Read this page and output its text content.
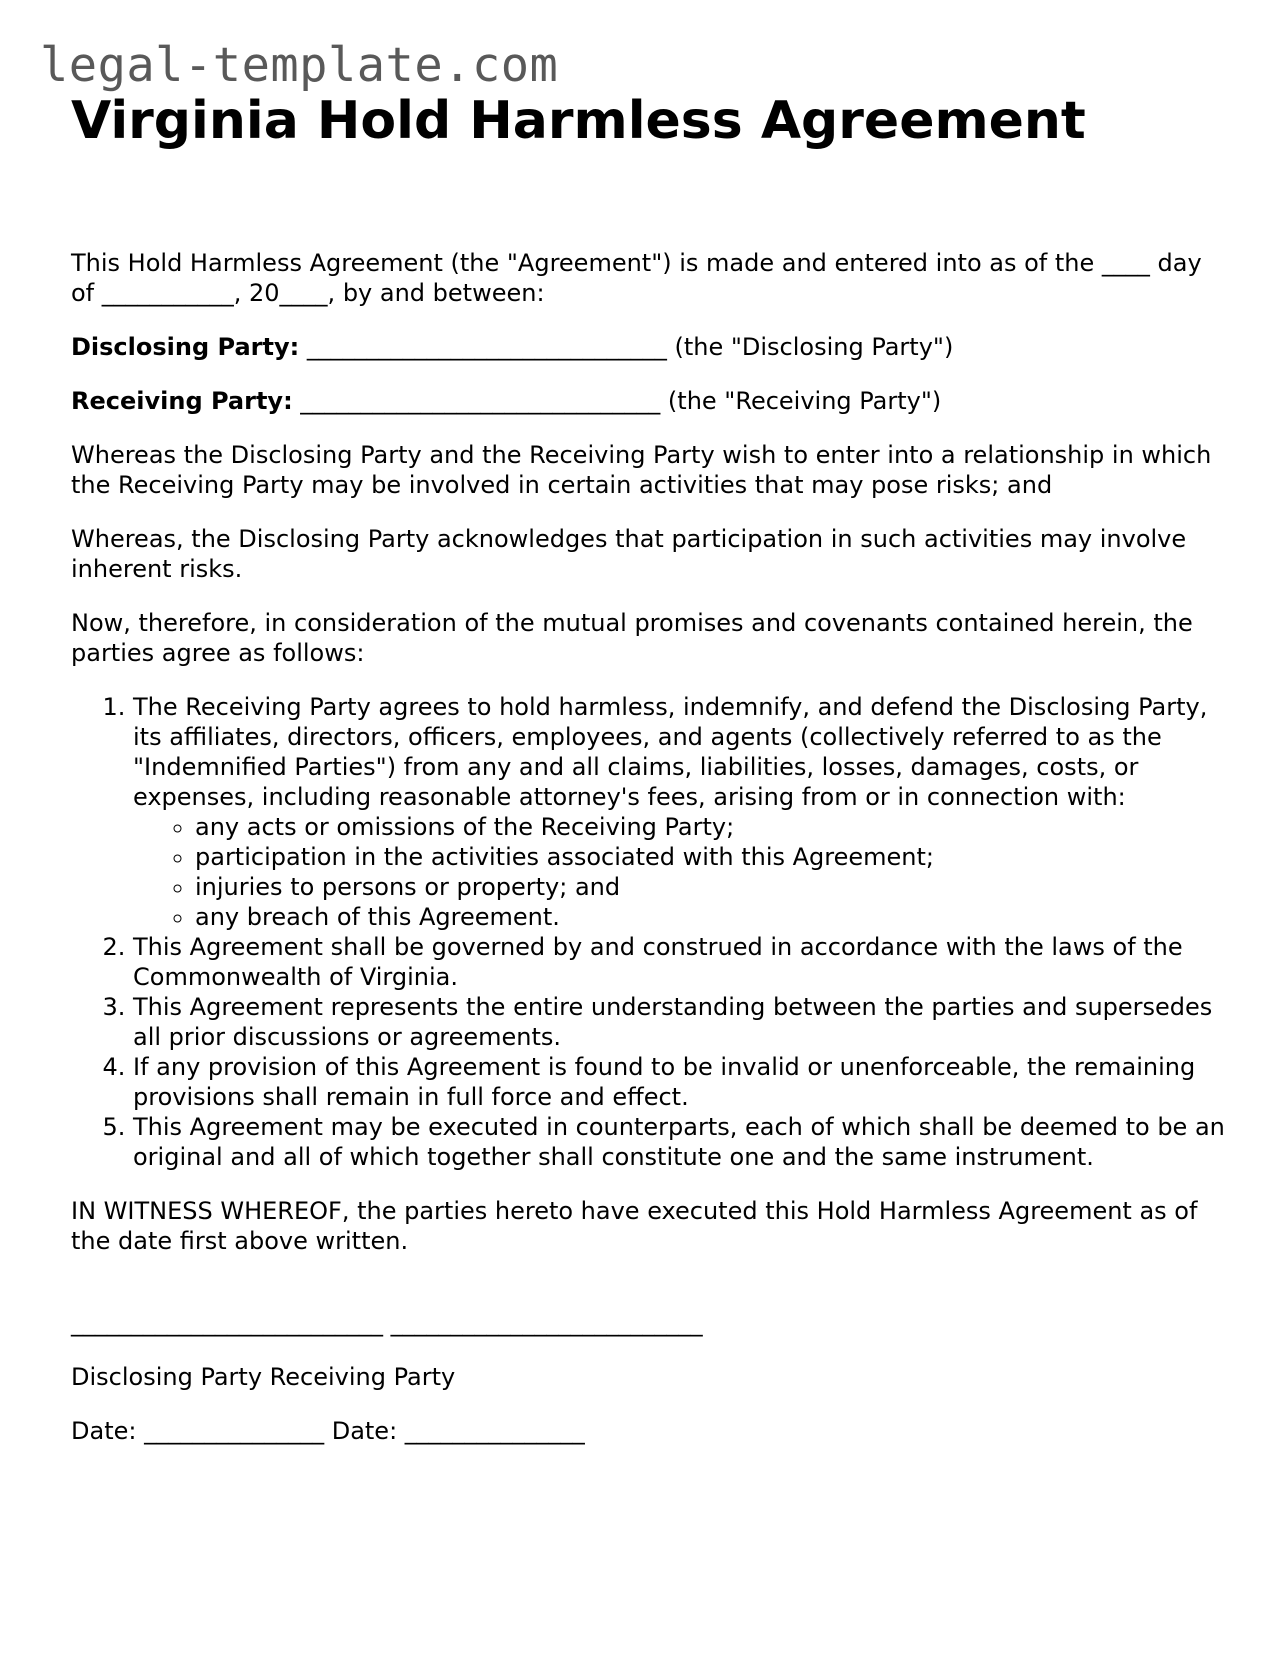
legal-template.com
Virginia Hold Harmless Agreement

This Hold Harmless Agreement (the "Agreement") is made and entered into as of the ____ day of ___________, 20____, by and between:

Disclosing Party: ______________________________ (the "Disclosing Party")

Receiving Party: ______________________________ (the "Receiving Party")

Whereas the Disclosing Party and the Receiving Party wish to enter into a relationship in which the Receiving Party may be involved in certain activities that may pose risks; and

Whereas, the Disclosing Party acknowledges that participation in such activities may involve inherent risks.

Now, therefore, in consideration of the mutual promises and covenants contained herein, the parties agree as follows:

1. The Receiving Party agrees to hold harmless, indemnify, and defend the Disclosing Party, its affiliates, directors, officers, employees, and agents (collectively referred to as the "Indemnified Parties") from any and all claims, liabilities, losses, damages, costs, or expenses, including reasonable attorney's fees, arising from or in connection with:
◦ any acts or omissions of the Receiving Party;
◦ participation in the activities associated with this Agreement;
◦ injuries to persons or property; and
◦ any breach of this Agreement.
2. This Agreement shall be governed by and construed in accordance with the laws of the Commonwealth of Virginia.
3. This Agreement represents the entire understanding between the parties and supersedes all prior discussions or agreements.
4. If any provision of this Agreement is found to be invalid or unenforceable, the remaining provisions shall remain in full force and effect.
5. This Agreement may be executed in counterparts, each of which shall be deemed to be an original and all of which together shall constitute one and the same instrument.

IN WITNESS WHEREOF, the parties hereto have executed this Hold Harmless Agreement as of the date first above written.

__________________________ __________________________

Disclosing Party Receiving Party

Date: _______________ Date: _______________
